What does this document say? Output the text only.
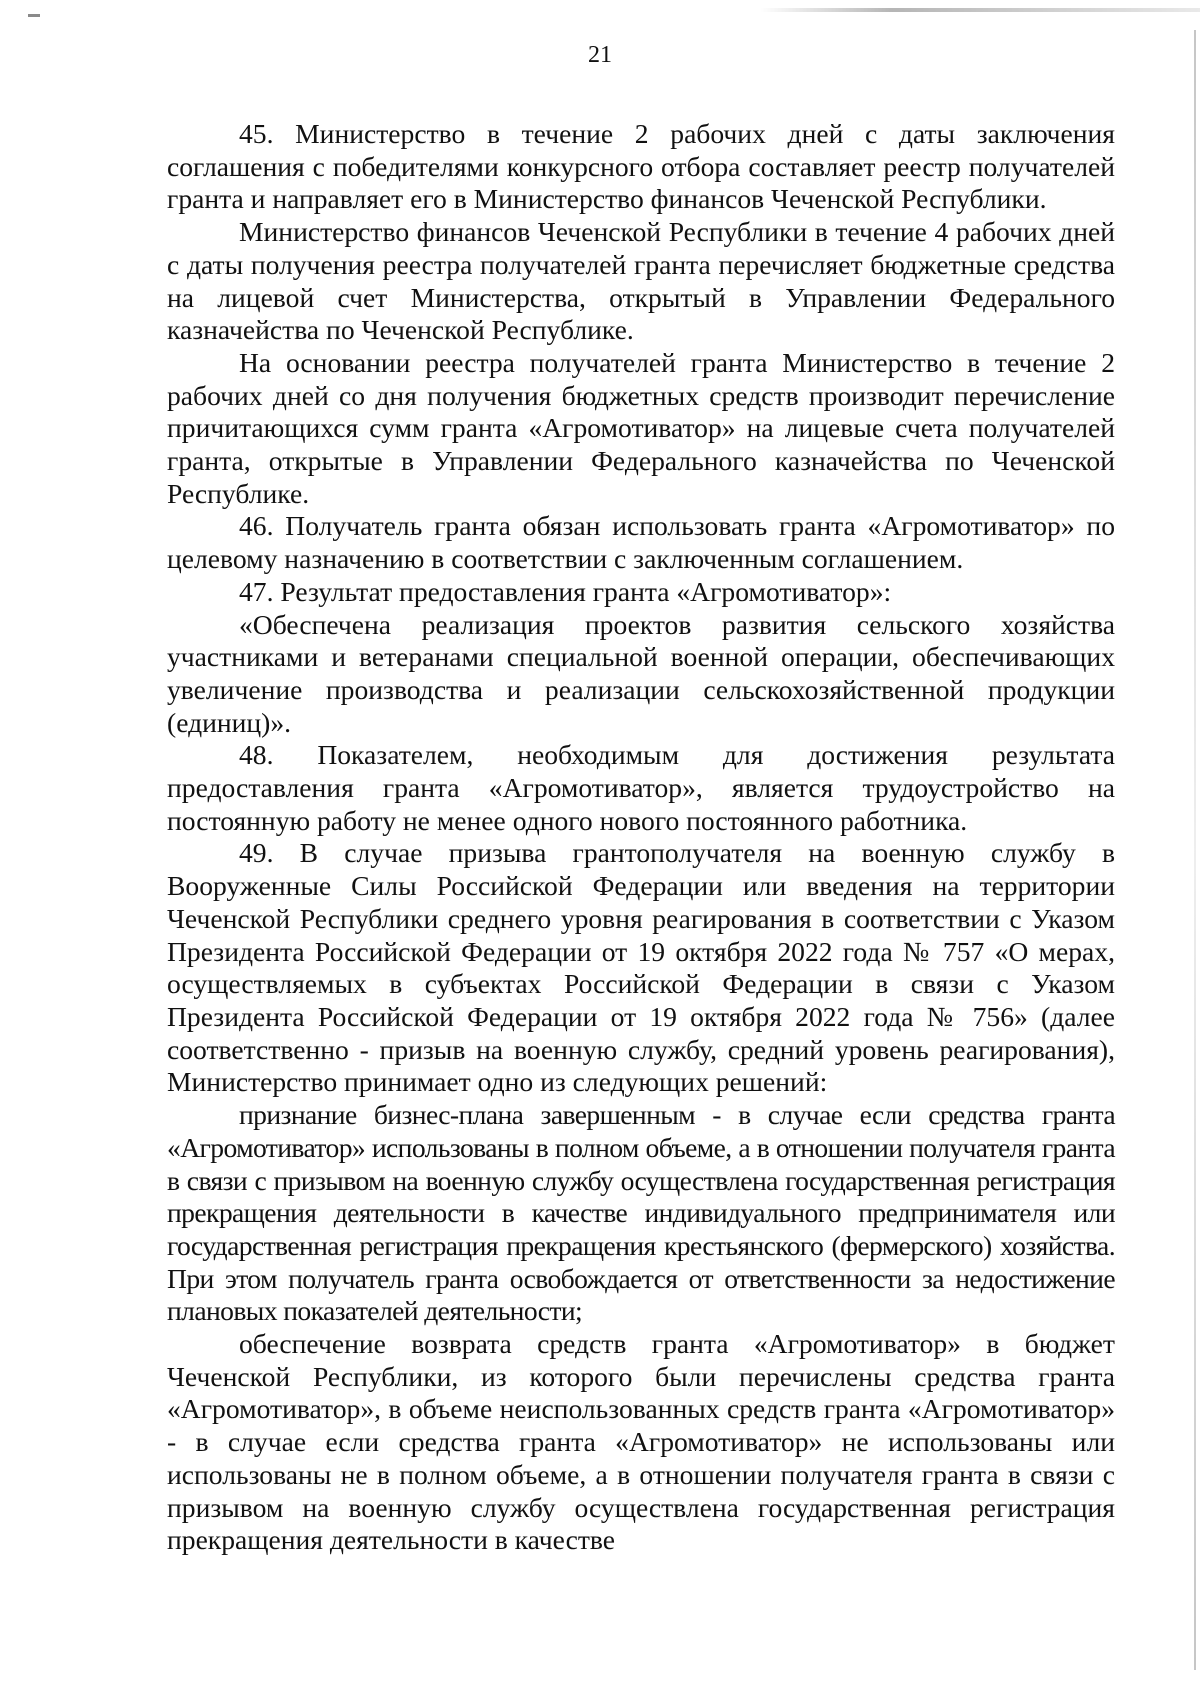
21

45. Министерство в течение 2 рабочих дней с даты заключения соглашения с победителями конкурсного отбора составляет реестр получателей гранта и направляет его в Министерство финансов Чеченской Республики.

Министерство финансов Чеченской Республики в течение 4 рабочих дней с даты получения реестра получателей гранта перечисляет бюджетные средства на лицевой счет Министерства, открытый в Управлении Федерального казначейства по Чеченской Республике.

На основании реестра получателей гранта Министерство в течение 2 рабочих дней со дня получения бюджетных средств производит перечисление причитающихся сумм гранта «Агромотиватор» на лицевые счета получателей гранта, открытые в Управлении Федерального казначейства по Чеченской Республике.

46. Получатель гранта обязан использовать гранта «Агромотиватор» по целевому назначению в соответствии с заключенным соглашением.

47. Результат предоставления гранта «Агромотиватор»:

«Обеспечена реализация проектов развития сельского хозяйства участниками и ветеранами специальной военной операции, обеспечивающих увеличение производства и реализации сельскохозяйственной продукции (единиц)».

48. Показателем, необходимым для достижения результата предоставления гранта «Агромотиватор», является трудоустройство на постоянную работу не менее одного нового постоянного работника.

49. В случае призыва грантополучателя на военную службу в Вооруженные Силы Российской Федерации или введения на территории Чеченской Республики среднего уровня реагирования в соответствии с Указом Президента Российской Федерации от 19 октября 2022 года № 757 «О мерах, осуществляемых в субъектах Российской Федерации в связи с Указом Президента Российской Федерации от 19 октября 2022 года № 756» (далее соответственно - призыв на военную службу, средний уровень реагирования), Министерство принимает одно из следующих решений:

признание бизнес-плана завершенным - в случае если средства гранта «Агромотиватор» использованы в полном объеме, а в отношении получателя гранта в связи с призывом на военную службу осуществлена государственная регистрация прекращения деятельности в качестве индивидуального предпринимателя или государственная регистрация прекращения крестьянского (фермерского) хозяйства. При этом получатель гранта освобождается от ответственности за недостижение плановых показателей деятельности;

обеспечение возврата средств гранта «Агромотиватор» в бюджет Чеченской Республики, из которого были перечислены средства гранта «Агромотиватор», в объеме неиспользованных средств гранта «Агромотиватор» - в случае если средства гранта «Агромотиватор» не использованы или использованы не в полном объеме, а в отношении получателя гранта в связи с призывом на военную службу осуществлена государственная регистрация прекращения деятельности в качестве
